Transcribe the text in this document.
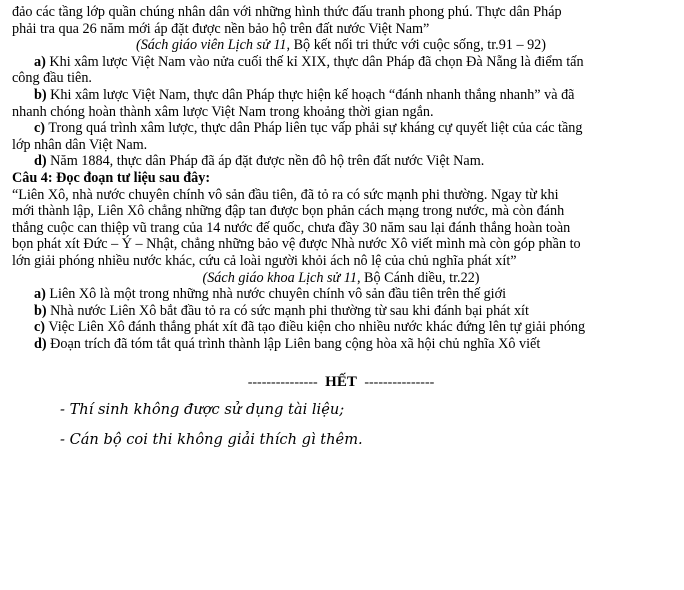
đảo các tầng lớp quần chúng nhân dân với những hình thức đấu tranh phong phú. Thực dân Pháp
phải tra qua 26 năm mới áp đặt được nền bảo hộ trên đất nước Việt Nam”
(Sách giáo viên Lịch sử 11, Bộ kết nối tri thức với cuộc sống, tr.91 – 92)
a) Khi xâm lược Việt Nam vào nửa cuối thế kỉ XIX, thực dân Pháp đã chọn Đà Nẵng là điểm tấn
công đầu tiên.
b) Khi xâm lược Việt Nam, thực dân Pháp thực hiện kế hoạch “đánh nhanh thắng nhanh” và đã
nhanh chóng hoàn thành xâm lược Việt Nam trong khoảng thời gian ngắn.
c) Trong quá trình xâm lược, thực dân Pháp liên tục vấp phải sự kháng cự quyết liệt của các tầng
lớp nhân dân Việt Nam.
d) Năm 1884, thực dân Pháp đã áp đặt được nền đô hộ trên đất nước Việt Nam.
Câu 4: Đọc đoạn tư liệu sau đây:
“Liên Xô, nhà nước chuyên chính vô sản đầu tiên, đã tỏ ra có sức mạnh phi thường. Ngay từ khi
mới thành lập, Liên Xô chẳng những đập tan được bọn phản cách mạng trong nước, mà còn đánh
thắng cuộc can thiệp vũ trang của 14 nước đế quốc, chưa đầy 30 năm sau lại đánh thắng hoàn toàn
bọn phát xít Đức – Ý – Nhật, chẳng những bảo vệ được Nhà nước Xô viết mình mà còn góp phần to
lớn giải phóng nhiều nước khác, cứu cả loài người khỏi ách nô lệ của chủ nghĩa phát xít”
(Sách giáo khoa Lịch sử 11, Bộ Cánh diều, tr.22)
a) Liên Xô là một trong những nhà nước chuyên chính vô sản đầu tiên trên thế giới
b) Nhà nước Liên Xô bắt đầu tỏ ra có sức mạnh phi thường từ sau khi đánh bại phát xít
c) Việc Liên Xô đánh thắng phát xít đã tạo điều kiện cho nhiều nước khác đứng lên tự giải phóng
d) Đoạn trích đã tóm tắt quá trình thành lập Liên bang cộng hòa xã hội chủ nghĩa Xô viết
--------------- HẾT ---------------
- Thí sinh không được sử dụng tài liệu;
- Cán bộ coi thi không giải thích gì thêm.
